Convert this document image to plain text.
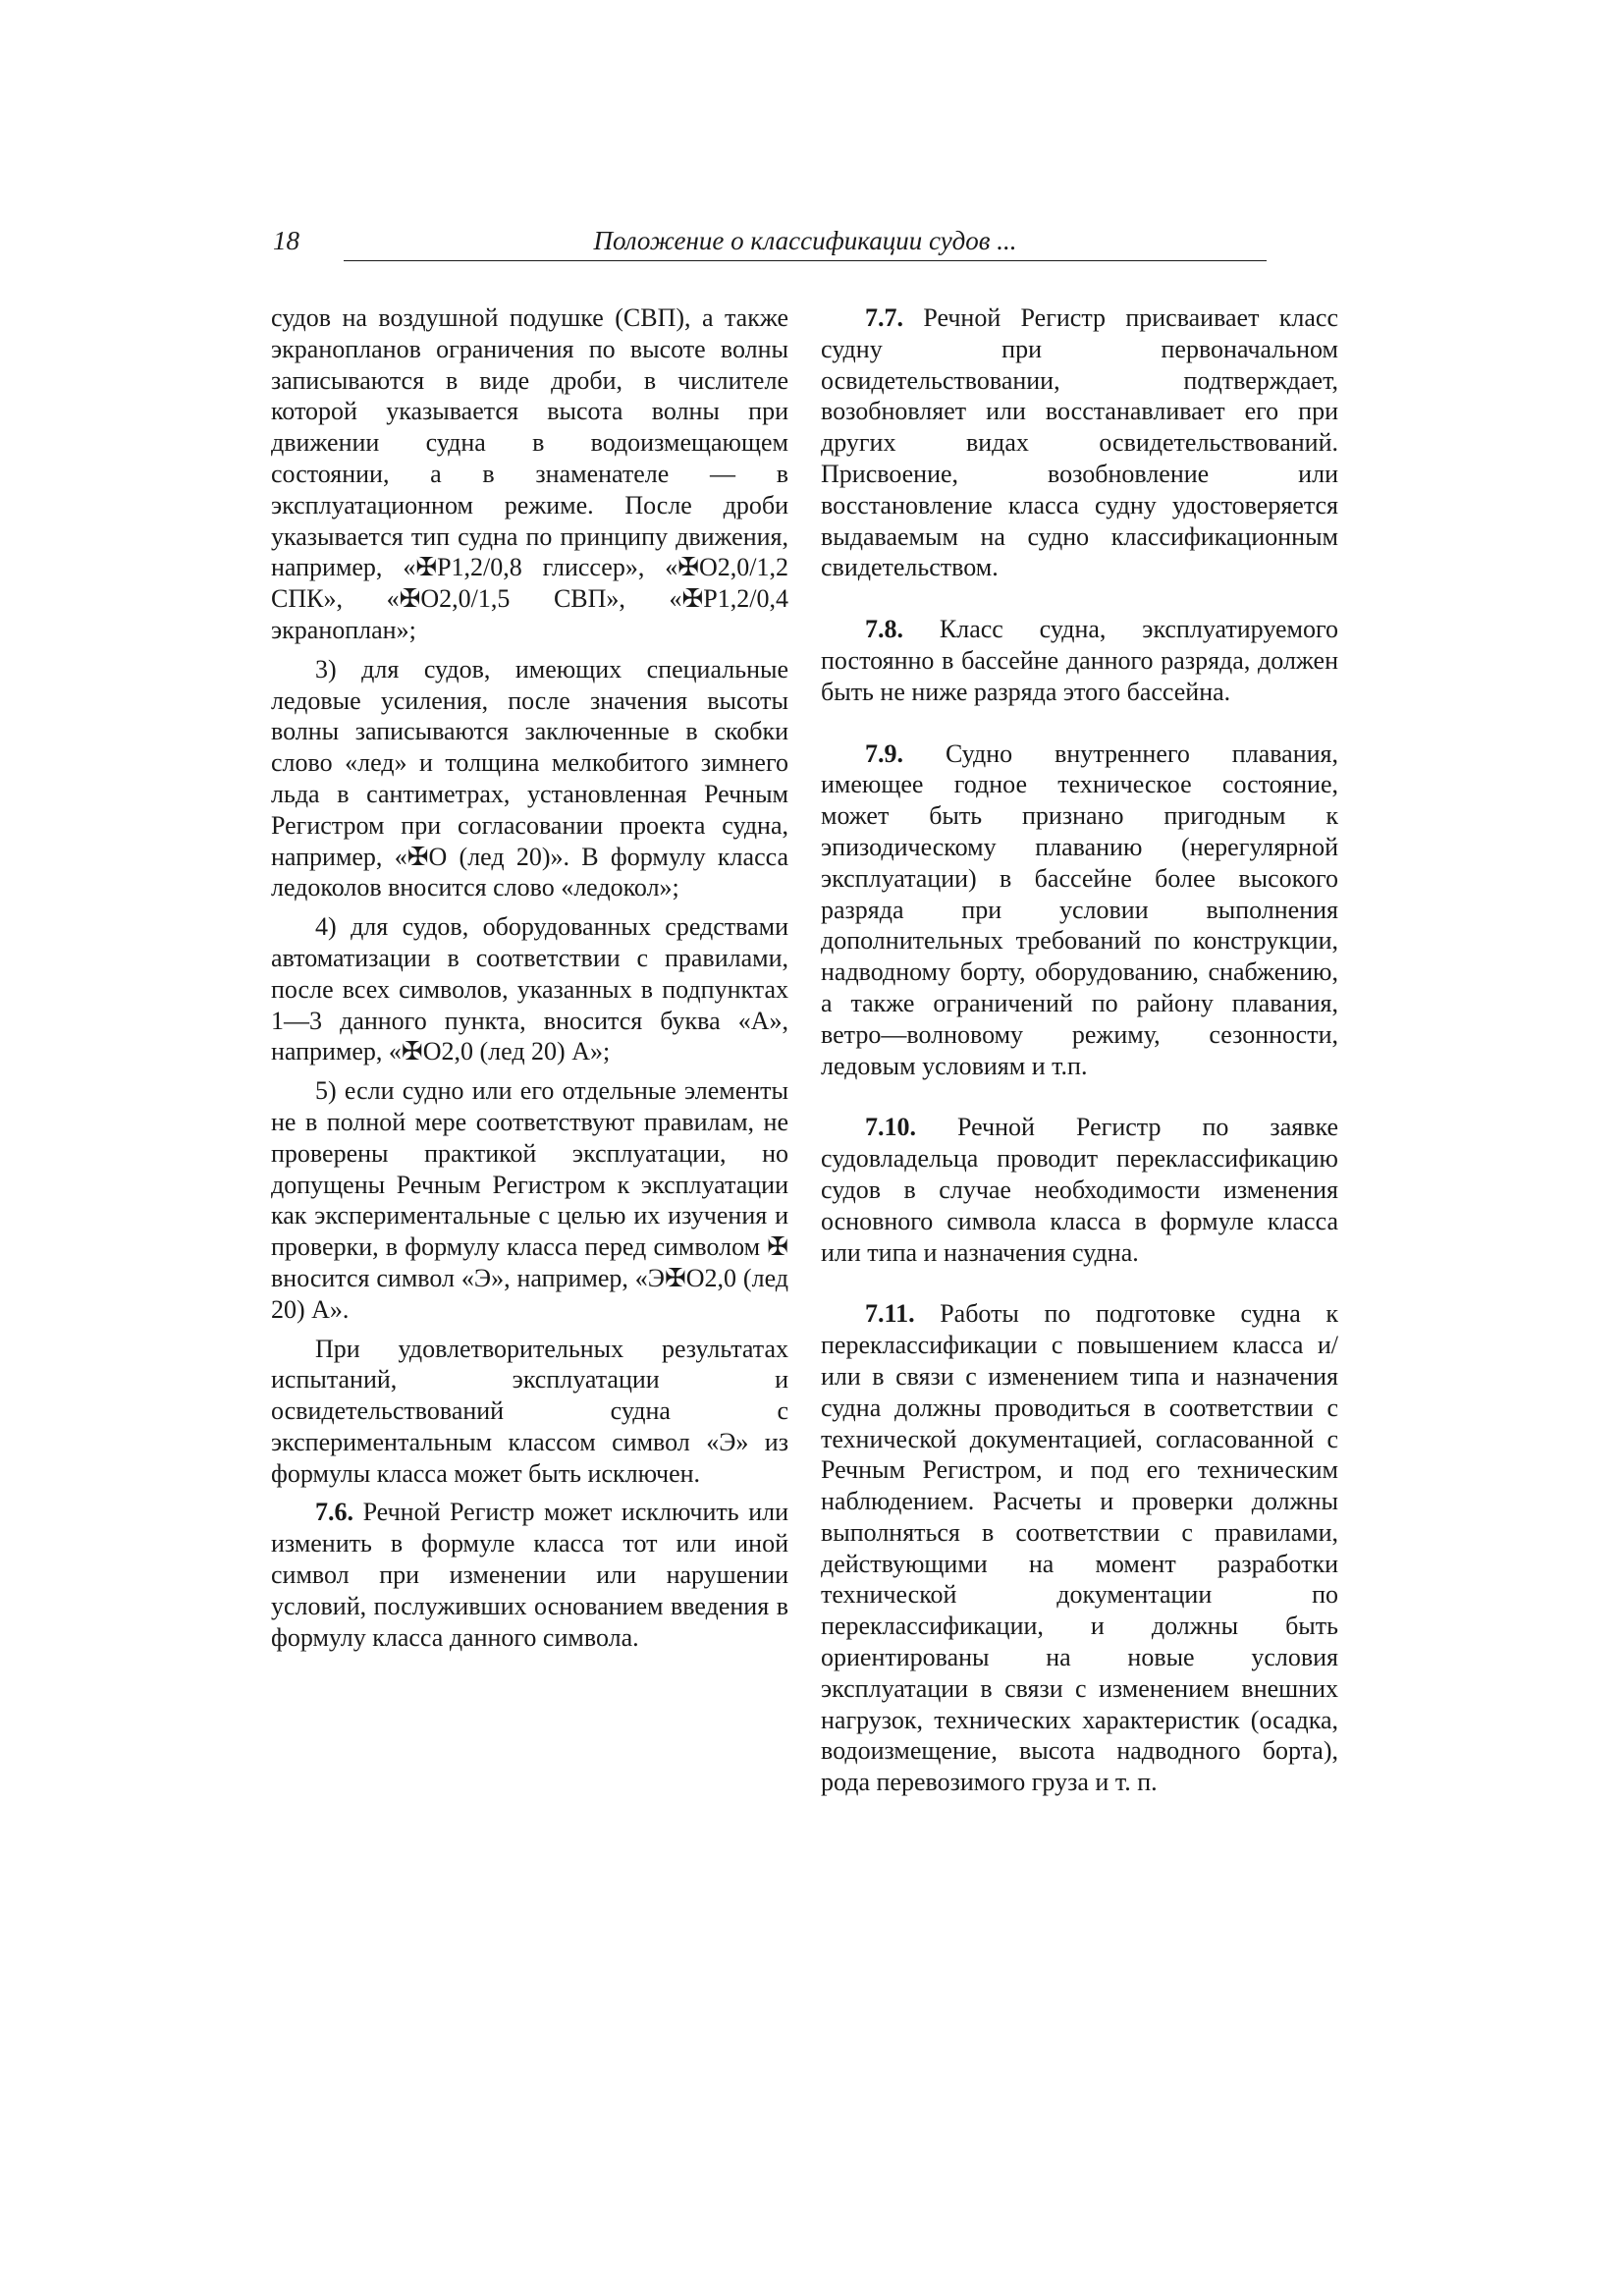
18	Положение о классификации судов ...

судов на воздушной подушке (СВП), а также экранопланов ограничения по высоте волны записываются в виде дроби, в числителе которой указывается высота волны при движении судна в водоизмещающем состоянии, а в знаменателе — в эксплуатационном режиме. После дроби указывается тип судна по принципу движения, например, «✠Р1,2/0,8 глиссер», «✠О2,0/1,2 СПК», «✠О2,0/1,5 СВП», «✠Р1,2/0,4 экраноплан»;

3) для судов, имеющих специальные ледовые усиления, после значения высоты волны записываются заключенные в скобки слово «лед» и толщина мелкобитого зимнего льда в сантиметрах, установленная Речным Регистром при согласовании проекта судна, например, «✠О (лед 20)». В формулу класса ледоколов вносится слово «ледокол»;

4) для судов, оборудованных средствами автоматизации в соответствии с правилами, после всех символов, указанных в подпунктах 1—3 данного пункта, вносится буква «А», например, «✠О2,0 (лед 20) А»;

5) если судно или его отдельные элементы не в полной мере соответствуют правилам, не проверены практикой эксплуатации, но допущены Речным Регистром к эксплуатации как экспериментальные с целью их изучения и проверки, в формулу класса перед символом ✠ вносится символ «Э», например, «Э✠О2,0 (лед 20) А».

При удовлетворительных результатах испытаний, эксплуатации и освидетельствований судна с экспериментальным классом символ «Э» из формулы класса может быть исключен.

7.6. Речной Регистр может исключить или изменить в формуле класса тот или иной символ при изменении или нарушении условий, послуживших основанием введения в формулу класса данного символа.

7.7. Речной Регистр присваивает класс судну при первоначальном освидетельствовании, подтверждает, возобновляет или восстанавливает его при других видах освидетельствований. Присвоение, возобновление или восстановление класса судну удостоверяется выдаваемым на судно классификационным свидетельством.

7.8. Класс судна, эксплуатируемого постоянно в бассейне данного разряда, должен быть не ниже разряда этого бассейна.

7.9. Судно внутреннего плавания, имеющее годное техническое состояние, может быть признано пригодным к эпизодическому плаванию (нерегулярной эксплуатации) в бассейне более высокого разряда при условии выполнения дополнительных требований по конструкции, надводному борту, оборудованию, снабжению, а также ограничений по району плавания, ветро—волновому режиму, сезонности, ледовым условиям и т.п.

7.10. Речной Регистр по заявке судовладельца проводит переклассификацию судов в случае необходимости изменения основного символа класса в формуле класса или типа и назначения судна.

7.11. Работы по подготовке судна к переклассификации с повышением класса и/или в связи с изменением типа и назначения судна должны проводиться в соответствии с технической документацией, согласованной с Речным Регистром, и под его техническим наблюдением. Расчеты и проверки должны выполняться в соответствии с правилами, действующими на момент разработки технической документации по переклассификации, и должны быть ориентированы на новые условия эксплуатации в связи с изменением внешних нагрузок, технических характеристик (осадка, водоизмещение, высота надводного борта), рода перевозимого груза и т. п.
